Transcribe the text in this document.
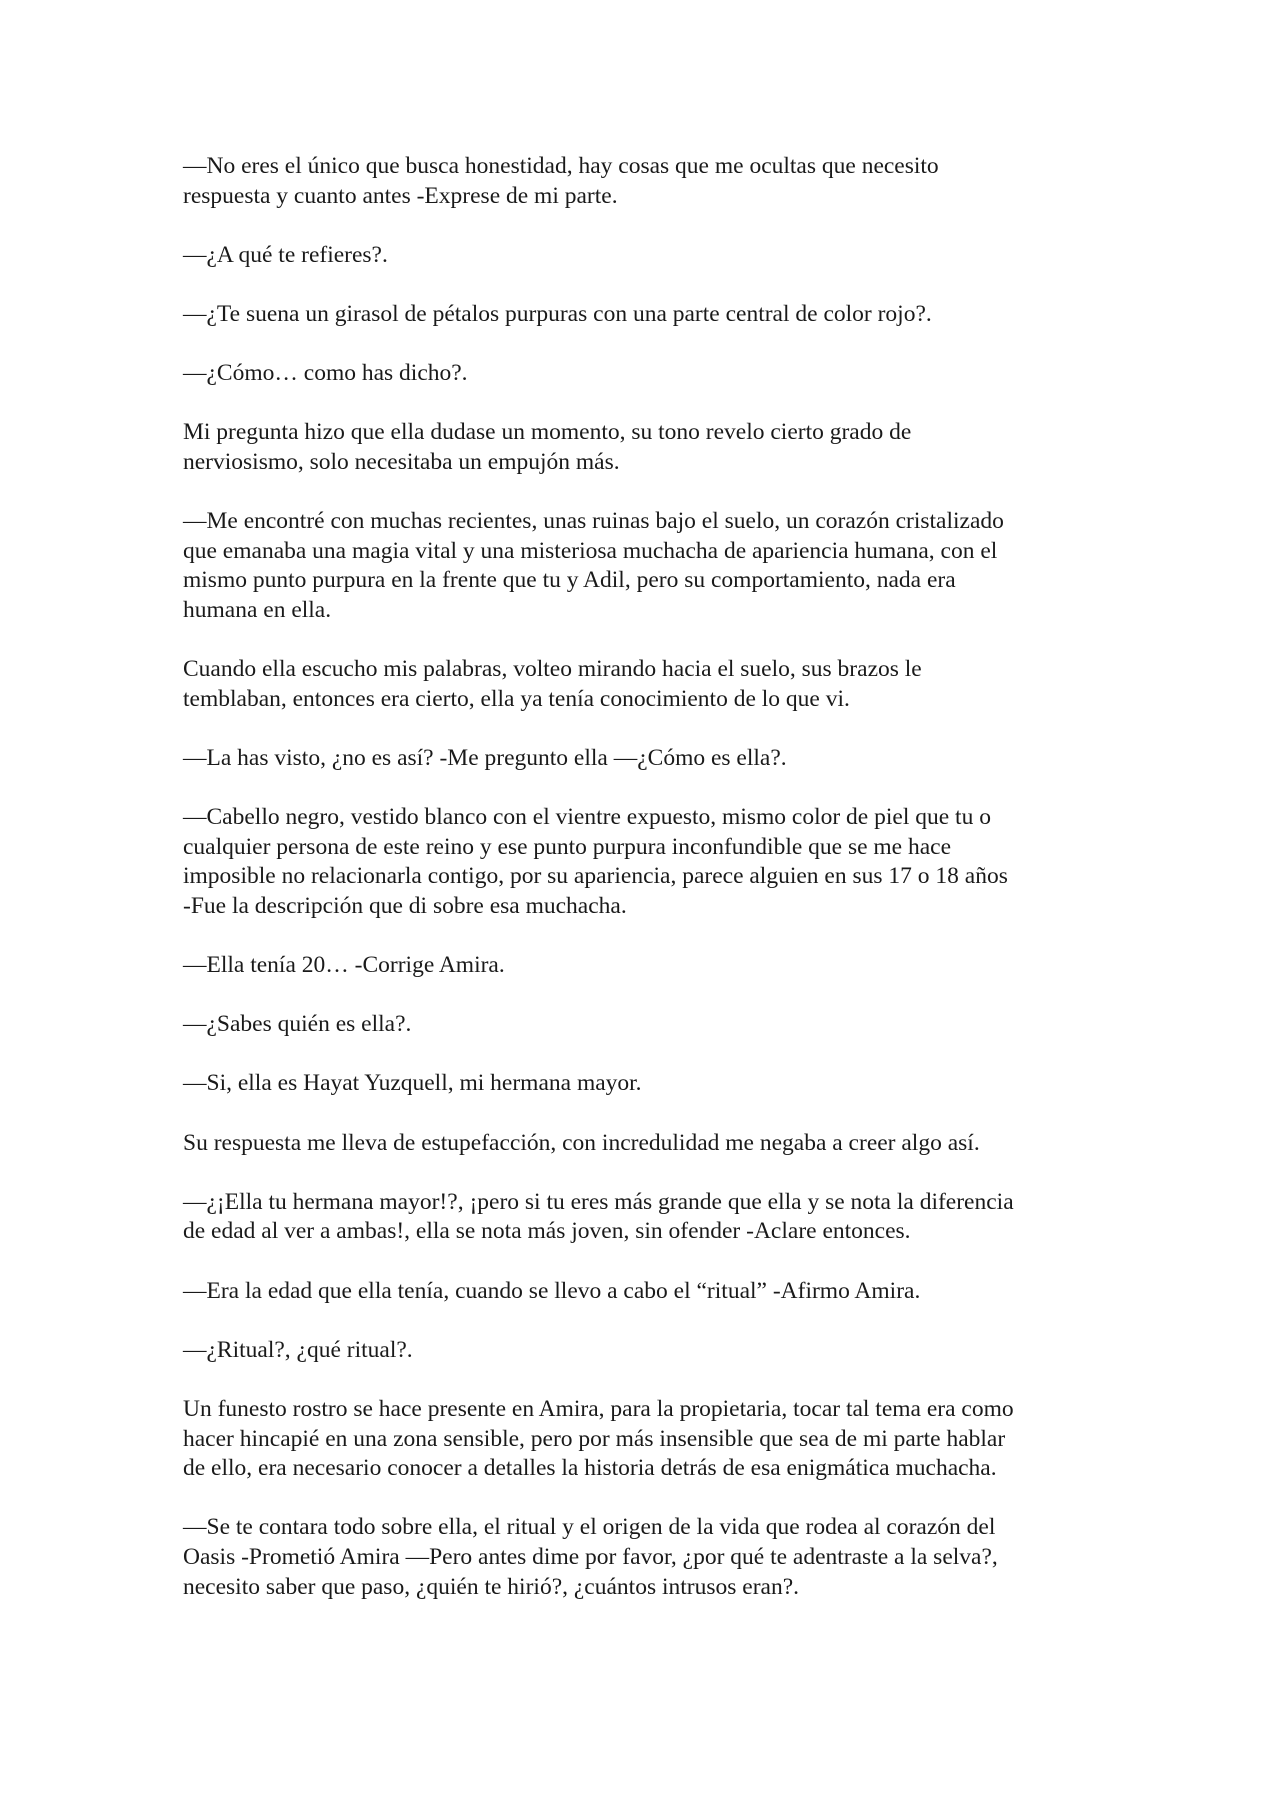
—No eres el único que busca honestidad, hay cosas que me ocultas que necesito
respuesta y cuanto antes -Exprese de mi parte.

—¿A qué te refieres?.

—¿Te suena un girasol de pétalos purpuras con una parte central de color rojo?.

—¿Cómo… como has dicho?.

Mi pregunta hizo que ella dudase un momento, su tono revelo cierto grado de
nerviosismo, solo necesitaba un empujón más.

—Me encontré con muchas recientes, unas ruinas bajo el suelo, un corazón cristalizado
que emanaba una magia vital y una misteriosa muchacha de apariencia humana, con el
mismo punto purpura en la frente que tu y Adil, pero su comportamiento, nada era
humana en ella.

Cuando ella escucho mis palabras, volteo mirando hacia el suelo, sus brazos le
temblaban, entonces era cierto, ella ya tenía conocimiento de lo que vi.

—La has visto, ¿no es así? -Me pregunto ella —¿Cómo es ella?.

—Cabello negro, vestido blanco con el vientre expuesto, mismo color de piel que tu o
cualquier persona de este reino y ese punto purpura inconfundible que se me hace
imposible no relacionarla contigo, por su apariencia, parece alguien en sus 17 o 18 años
-Fue la descripción que di sobre esa muchacha.

—Ella tenía 20… -Corrige Amira.

—¿Sabes quién es ella?.

—Si, ella es Hayat Yuzquell, mi hermana mayor.

Su respuesta me lleva de estupefacción, con incredulidad me negaba a creer algo así.

—¿¡Ella tu hermana mayor!?, ¡pero si tu eres más grande que ella y se nota la diferencia
de edad al ver a ambas!, ella se nota más joven, sin ofender -Aclare entonces.

—Era la edad que ella tenía, cuando se llevo a cabo el “ritual” -Afirmo Amira.

—¿Ritual?, ¿qué ritual?.

Un funesto rostro se hace presente en Amira, para la propietaria, tocar tal tema era como
hacer hincapié en una zona sensible, pero por más insensible que sea de mi parte hablar
de ello, era necesario conocer a detalles la historia detrás de esa enigmática muchacha.

—Se te contara todo sobre ella, el ritual y el origen de la vida que rodea al corazón del
Oasis -Prometió Amira —Pero antes dime por favor, ¿por qué te adentraste a la selva?,
necesito saber que paso, ¿quién te hirió?, ¿cuántos intrusos eran?.
